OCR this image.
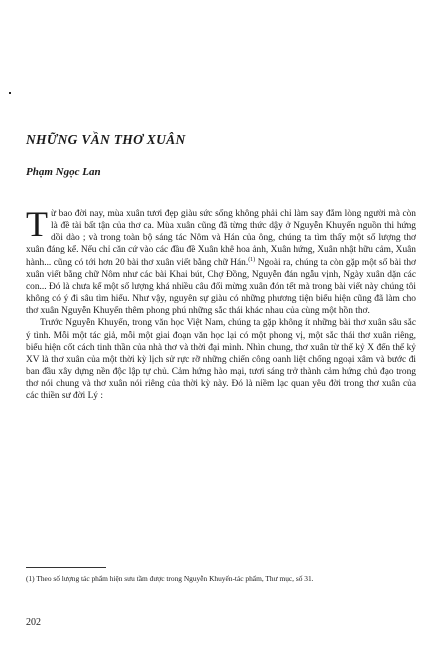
NHỮNG VẦN THƠ XUÂN

Phạm Ngọc Lan

Từ bao đời nay, mùa xuân tươi đẹp giàu sức sống không phải chỉ làm say đắm lòng người mà còn là đề tài bất tận của thơ ca. Mùa xuân cũng đã từng thức dậy ở Nguyễn Khuyến nguồn thi hứng dồi dào ; và trong toàn bộ sáng tác Nôm và Hán của ông, chúng ta tìm thấy một số lượng thơ xuân đáng kể. Nếu chỉ căn cứ vào các đầu đề Xuân khê hoa ảnh, Xuân hứng, Xuân nhật hữu cảm, Xuân hành... cũng có tới hơn 20 bài thơ xuân viết bằng chữ Hán.$^{(1)}$ Ngoài ra, chúng ta còn gặp một số bài thơ xuân viết bằng chữ Nôm như các bài Khai bút, Chợ Đồng, Nguyễn đán ngẫu vịnh, Ngày xuân dặn các con... Đó là chưa kể một số lượng khá nhiều câu đối mừng xuân đón tết mà trong bài viết này chúng tôi không có ý đi sâu tìm hiểu. Như vậy, nguyên sự giàu có những phương tiện biểu hiện cũng đã làm cho thơ xuân Nguyễn Khuyến thêm phong phú những sắc thái khác nhau của cùng một hồn thơ.

Trước Nguyễn Khuyến, trong văn học Việt Nam, chúng ta gặp không ít những bài thơ xuân sâu sắc ý tình. Mỗi một tác giả, mỗi một giai đoạn văn học lại có một phong vị, một sắc thái thơ xuân riêng, biểu hiện cốt cách tinh thần của nhà thơ và thời đại mình. Nhìn chung, thơ xuân từ thế kỷ X đến thế kỷ XV là thơ xuân của một thời kỳ lịch sử rực rỡ những chiến công oanh liệt chống ngoại xâm và bước đi ban đầu xây dựng nền độc lập tự chủ. Cảm hứng hào mại, tươi sáng trở thành cảm hứng chủ đạo trong thơ nói chung và thơ xuân nói riêng của thời kỳ này. Đó là niềm lạc quan yêu đời trong thơ xuân của các thiền sư đời Lý :

(1) Theo số lượng tác phẩm hiện sưu tầm được trong Nguyễn Khuyến-tác phẩm, Thư mục, số 31.

202
